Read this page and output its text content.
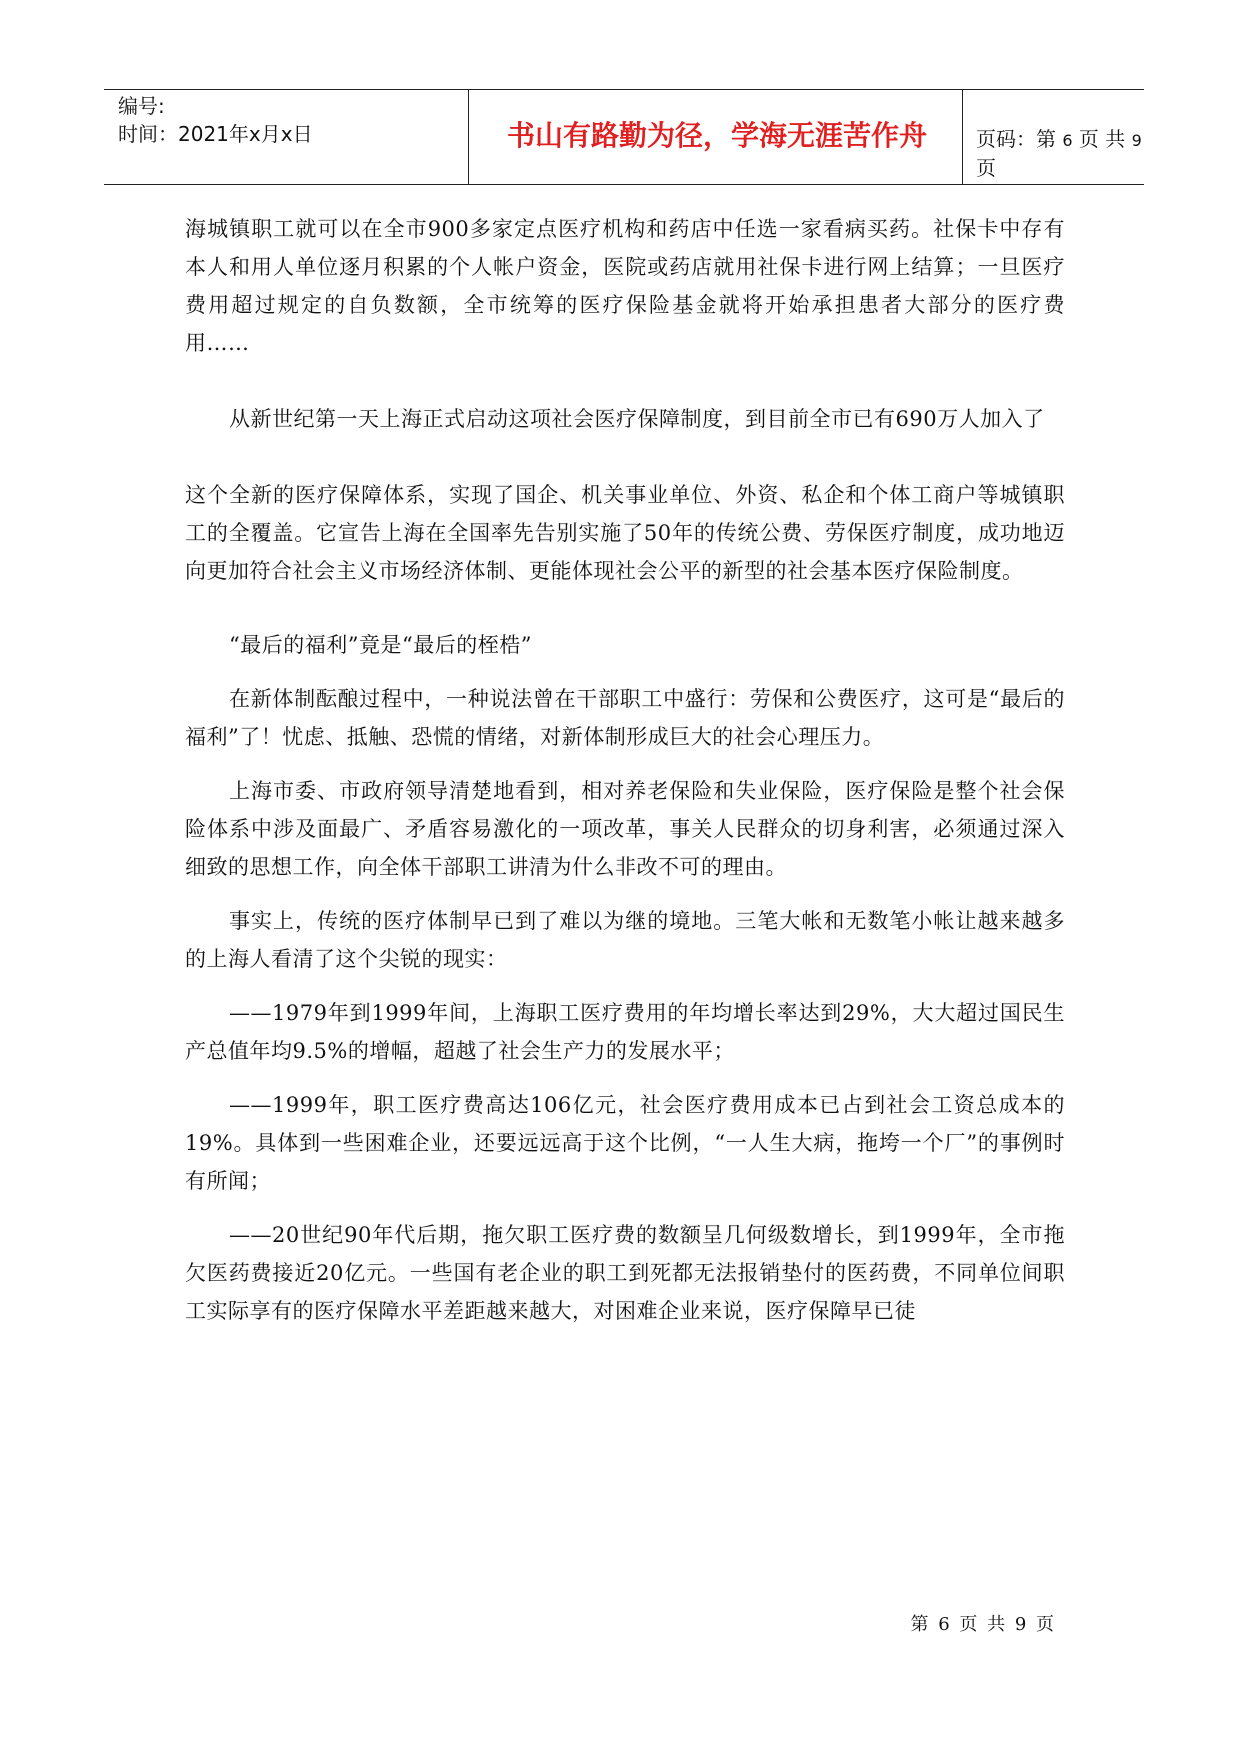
编号:
时间：2021年x月x日	书山有路勤为径，学海无涯苦作舟	页码：第 6 页 共 9 页

海城镇职工就可以在全市900多家定点医疗机构和药店中任选一家看病买药。社保卡中存有本人和用人单位逐月积累的个人帐户资金，医院或药店就用社保卡进行网上结算；一旦医疗费用超过规定的自负数额，全市统筹的医疗保险基金就将开始承担患者大部分的医疗费用……

从新世纪第一天上海正式启动这项社会医疗保障制度，到目前全市已有690万人加入了

这个全新的医疗保障体系，实现了国企、机关事业单位、外资、私企和个体工商户等城镇职工的全覆盖。它宣告上海在全国率先告别实施了50年的传统公费、劳保医疗制度，成功地迈向更加符合社会主义市场经济体制、更能体现社会公平的新型的社会基本医疗保险制度。

“最后的福利”竟是“最后的桎梏”

在新体制酝酿过程中，一种说法曾在干部职工中盛行：劳保和公费医疗，这可是“最后的福利”了！忧虑、抵触、恐慌的情绪，对新体制形成巨大的社会心理压力。

上海市委、市政府领导清楚地看到，相对养老保险和失业保险，医疗保险是整个社会保险体系中涉及面最广、矛盾容易激化的一项改革，事关人民群众的切身利害，必须通过深入细致的思想工作，向全体干部职工讲清为什么非改不可的理由。

事实上，传统的医疗体制早已到了难以为继的境地。三笔大帐和无数笔小帐让越来越多的上海人看清了这个尖锐的现实：

——1979年到1999年间，上海职工医疗费用的年均增长率达到29%，大大超过国民生产总值年均9.5%的增幅，超越了社会生产力的发展水平；

——1999年，职工医疗费高达106亿元，社会医疗费用成本已占到社会工资总成本的19%。具体到一些困难企业，还要远远高于这个比例，“一人生大病，拖垮一个厂”的事例时有所闻；

——20世纪90年代后期，拖欠职工医疗费的数额呈几何级数增长，到1999年，全市拖欠医药费接近20亿元。一些国有老企业的职工到死都无法报销垫付的医药费，不同单位间职工实际享有的医疗保障水平差距越来越大，对困难企业来说，医疗保障早已徒

第 6 页 共 9 页
